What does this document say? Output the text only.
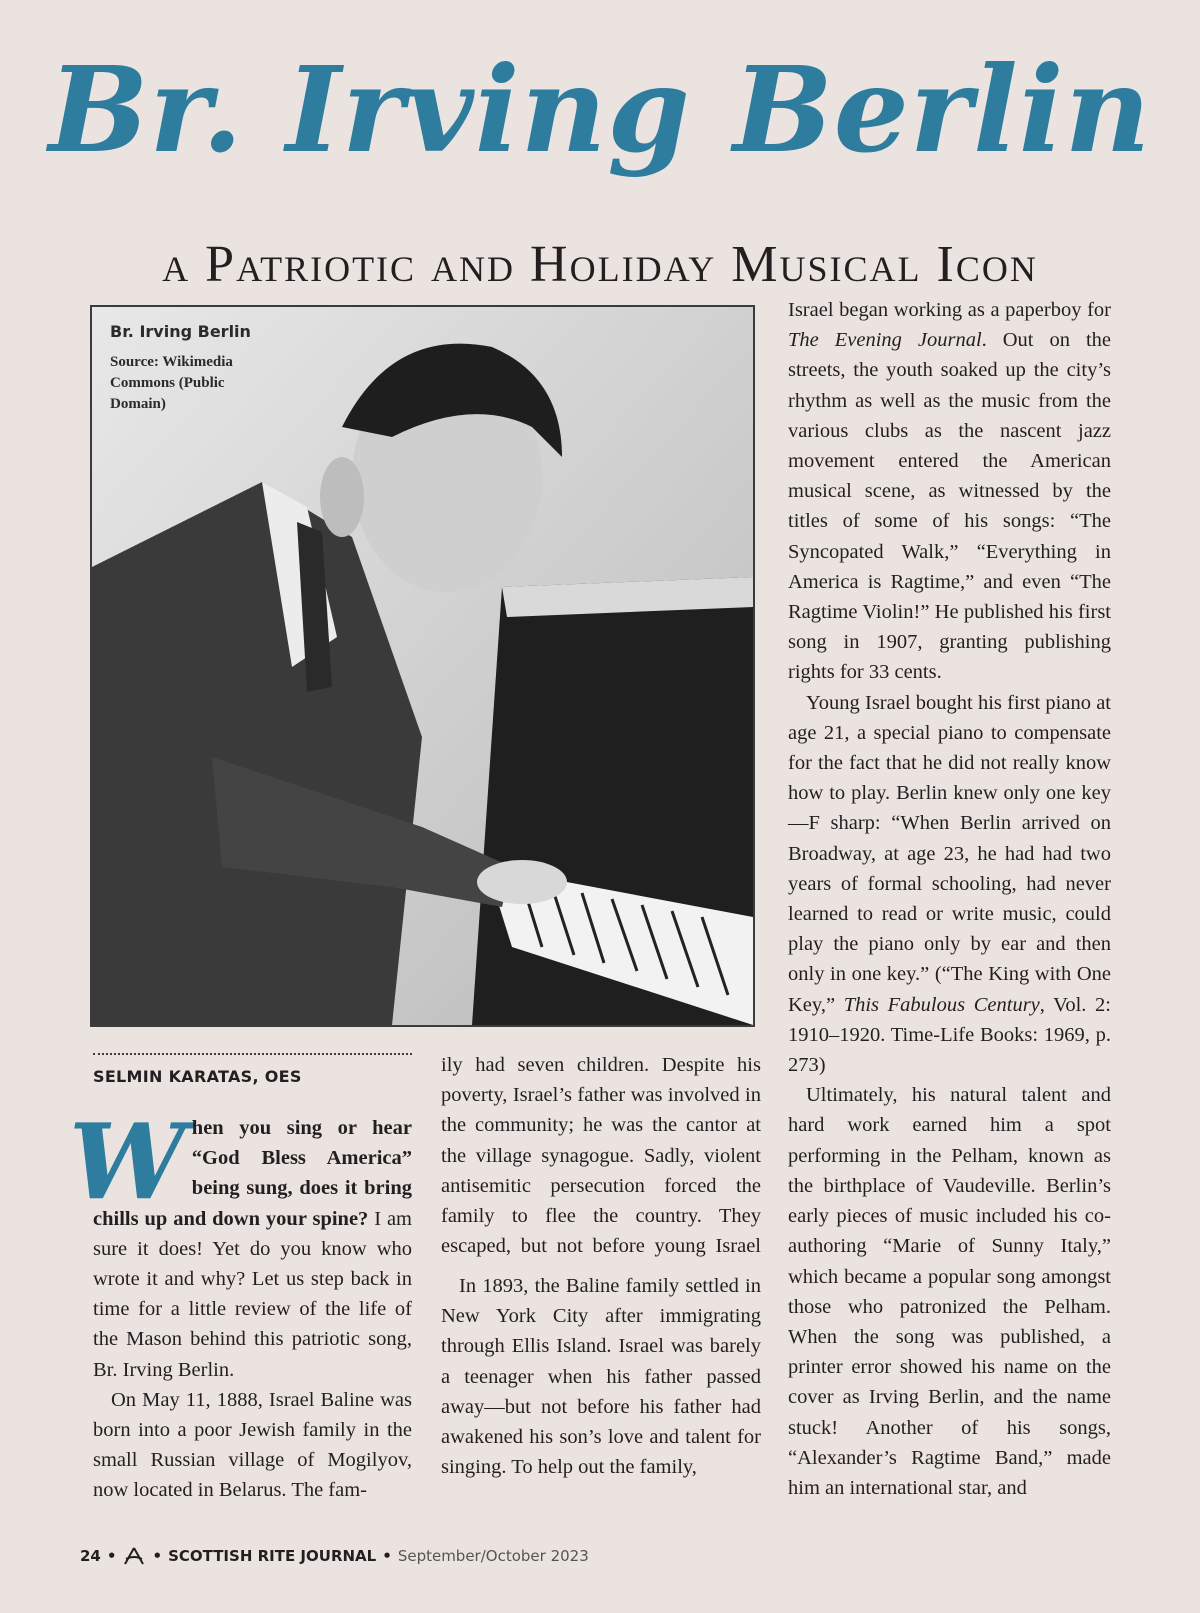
Br. Irving Berlin
a Patriotic and Holiday Musical Icon
Br. Irving Berlin
Source: Wikimedia Commons (Public Domain)
SELMIN KARATAS, OES

When you sing or hear “God Bless America” being sung, does it bring chills up and down your spine? I am sure it does! Yet do you know who wrote it and why? Let us step back in time for a little review of the life of the Mason behind this patriotic song, Br. Irving Berlin.

On May 11, 1888, Israel Baline was born into a poor Jewish family in the small Russian village of Mogilyov, now located in Belarus. The fam-

ily had seven children. Despite his poverty, Israel’s father was involved in the community; he was the cantor at the village synagogue. Sadly, violent antisemitic persecution forced the family to flee the country. They escaped, but not before young Israel

In 1893, the Baline family settled in New York City after immigrating through Ellis Island. Israel was barely a teenager when his father passed away—but not before his father had awakened his son’s love and talent for singing. To help out the family,

Israel began working as a paperboy for The Evening Journal. Out on the streets, the youth soaked up the city’s rhythm as well as the music from the various clubs as the nascent jazz movement entered the American musical scene, as witnessed by the titles of some of his songs: “The Syncopated Walk,” “Everything in America is Ragtime,” and even “The Ragtime Violin!” He published his first song in 1907, granting publishing rights for 33 cents.

Young Israel bought his first piano at age 21, a special piano to compensate for the fact that he did not really know how to play. Berlin knew only one key—F sharp: “When Berlin arrived on Broadway, at age 23, he had had two years of formal schooling, had never learned to read or write music, could play the piano only by ear and then only in one key.” (“The King with One Key,” This Fabulous Century, Vol. 2: 1910–1920. Time-Life Books: 1969, p. 273)

Ultimately, his natural talent and hard work earned him a spot performing in the Pelham, known as the birthplace of Vaudeville. Berlin’s early pieces of music included his co-authoring “Marie of Sunny Italy,” which became a popular song amongst those who patronized the Pelham. When the song was published, a printer error showed his name on the cover as Irving Berlin, and the name stuck! Another of his songs, “Alexander’s Ragtime Band,” made him an international star, and

24 • • SCOTTISH RITE JOURNAL • September/October 2023
